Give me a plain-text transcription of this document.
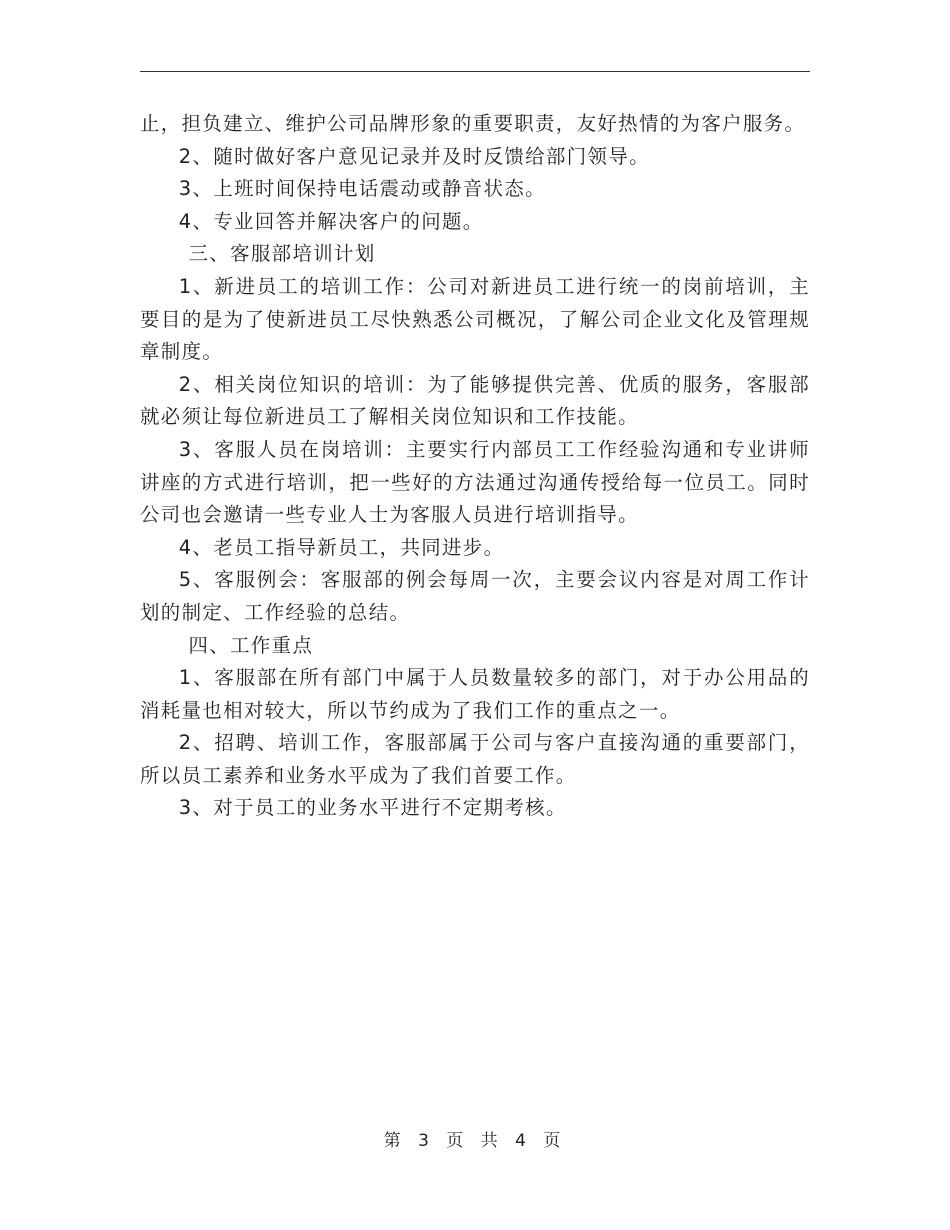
止，担负建立、维护公司品牌形象的重要职责，友好热情的为客户服务。

2、随时做好客户意见记录并及时反馈给部门领导。

3、上班时间保持电话震动或静音状态。

4、专业回答并解决客户的问题。

三、客服部培训计划

1、新进员工的培训工作：公司对新进员工进行统一的岗前培训，主要目的是为了使新进员工尽快熟悉公司概况，了解公司企业文化及管理规章制度。

2、相关岗位知识的培训：为了能够提供完善、优质的服务，客服部就必须让每位新进员工了解相关岗位知识和工作技能。

3、客服人员在岗培训：主要实行内部员工工作经验沟通和专业讲师讲座的方式进行培训，把一些好的方法通过沟通传授给每一位员工。同时公司也会邀请一些专业人士为客服人员进行培训指导。

4、老员工指导新员工，共同进步。

5、客服例会：客服部的例会每周一次，主要会议内容是对周工作计划的制定、工作经验的总结。

四、工作重点

1、客服部在所有部门中属于人员数量较多的部门，对于办公用品的消耗量也相对较大，所以节约成为了我们工作的重点之一。

2、招聘、培训工作，客服部属于公司与客户直接沟通的重要部门，所以员工素养和业务水平成为了我们首要工作。

3、对于员工的业务水平进行不定期考核。

第 3 页 共 4 页
